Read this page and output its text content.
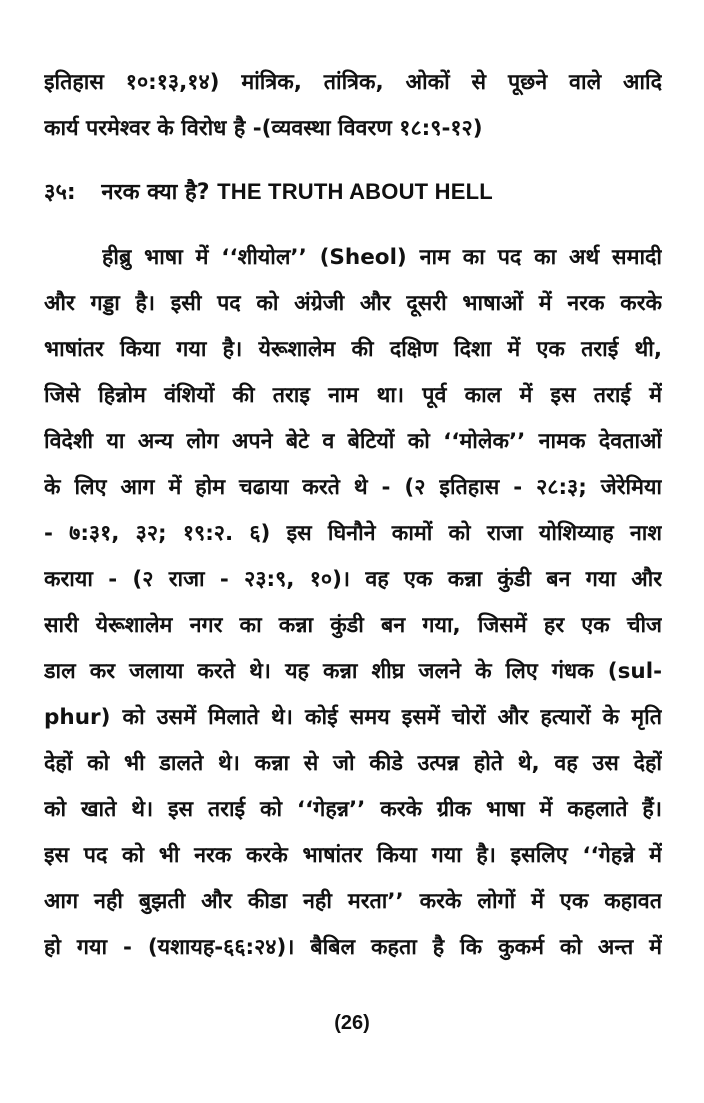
इतिहास १०:१३,१४) मांत्रिक, तांत्रिक, ओकों से पूछने वाले आदि
कार्य परमेश्वर के विरोध है -(व्यवस्था विवरण १८:९-१२)
३५: नरक क्या है? THE TRUTH ABOUT HELL
हीब्रु भाषा में ‘‘शीयोल’’ (Sheol) नाम का पद का अर्थ समादी
और गड्डा है। इसी पद को अंग्रेजी और दूसरी भाषाओं में नरक करके
भाषांतर किया गया है। येरूशालेम की दक्षिण दिशा में एक तराई थी,
जिसे हिन्नोम वंशियों की तराइ नाम था। पूर्व काल में इस तराई में
विदेशी या अन्य लोग अपने बेटे व बेटियों को ‘‘मोलेक’’ नामक देवताओं
के लिए आग में होम चढाया करते थे - (२ इतिहास - २८:३; जेरेमिया
- ७:३१, ३२; १९:२. ६) इस घिनौने कामों को राजा योशिय्याह नाश
कराया - (२ राजा - २३:९, १०)। वह एक कन्ना कुंडी बन गया और
सारी येरूशालेम नगर का कन्ना कुंडी बन गया, जिसमें हर एक चीज
डाल कर जलाया करते थे। यह कन्ना शीघ्र जलने के लिए गंधक (sul-
phur) को उसमें मिलाते थे। कोई समय इसमें चोरों और हत्यारों के मृति
देहों को भी डालते थे। कन्ना से जो कीडे उत्पन्न होते थे, वह उस देहों
को खाते थे। इस तराई को ‘‘गेहन्न’’ करके ग्रीक भाषा में कहलाते हैं।
इस पद को भी नरक करके भाषांतर किया गया है। इसलिए ‘‘गेहन्ने में
आग नही बुझती और कीडा नही मरता’’ करके लोगों में एक कहावत
हो गया - (यशायह-६६:२४)। बैबिल कहता है कि कुकर्म को अन्त में
(26)
